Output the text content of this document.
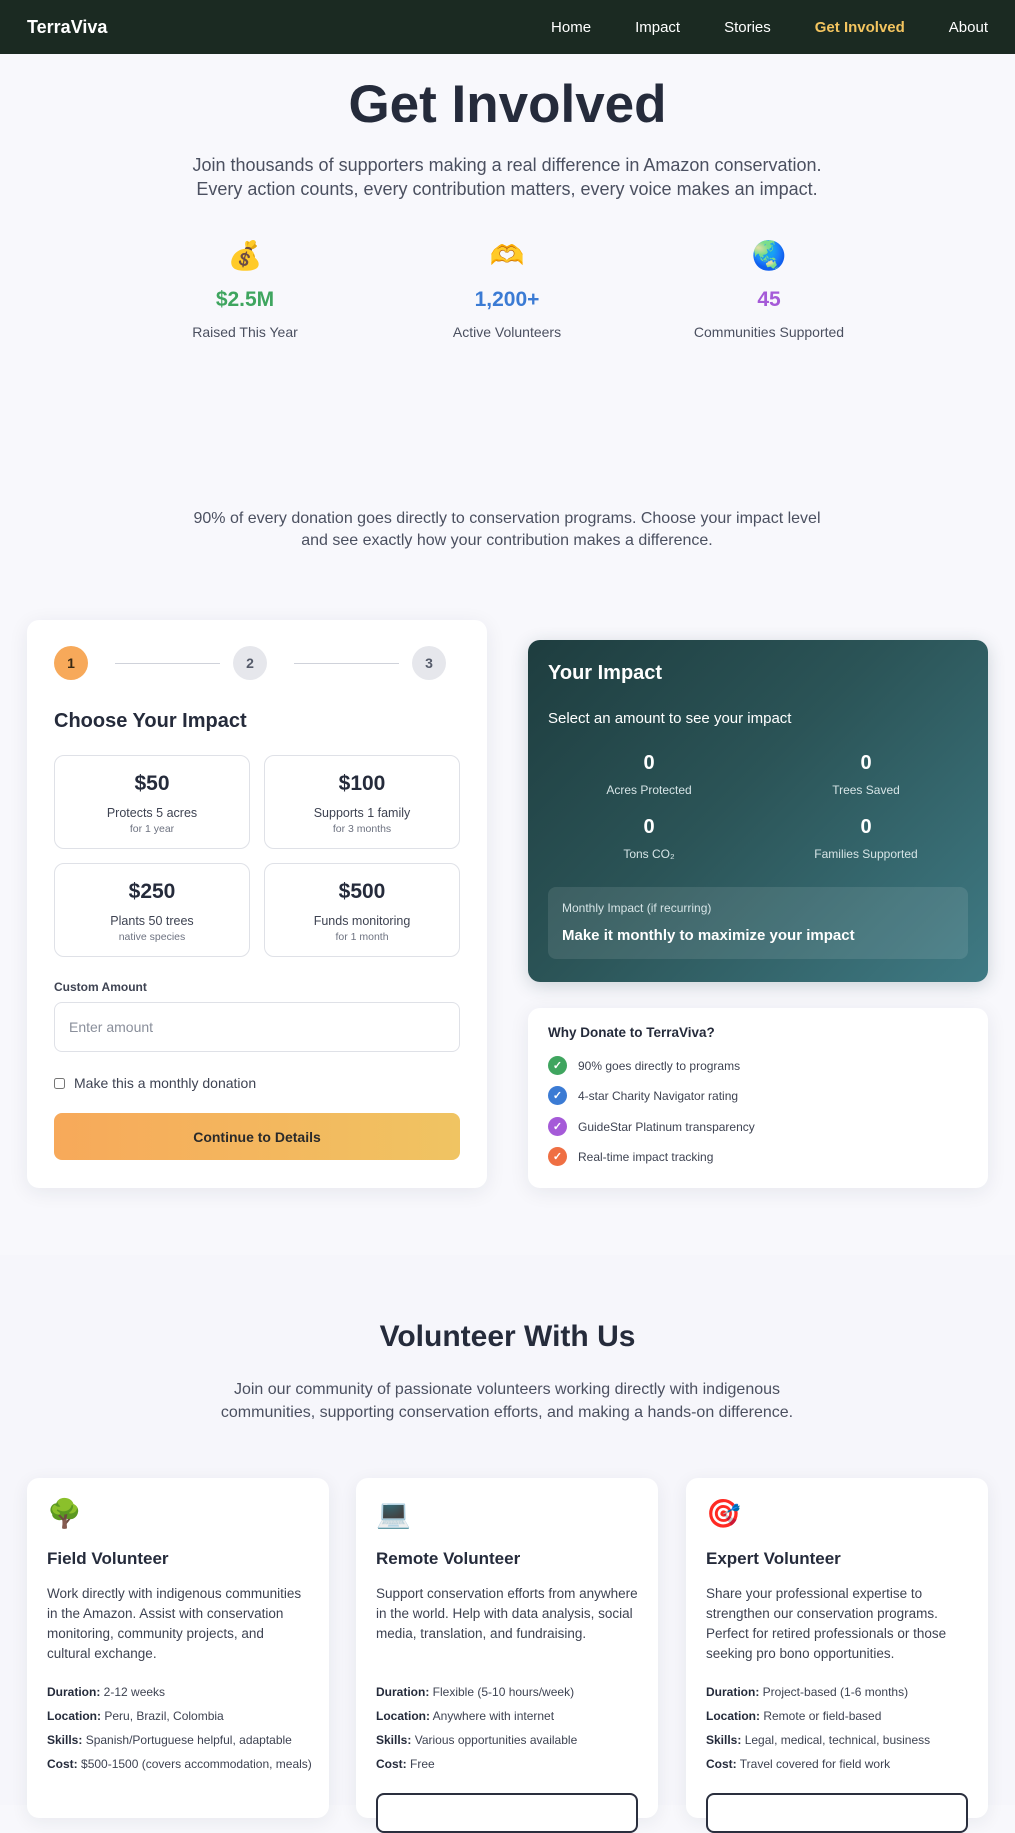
TerraViva	Home	Impact	Stories	Get Involved	About
Get Involved
Join thousands of supporters making a real difference in Amazon conservation.
Every action counts, every contribution matters, every voice makes an impact.
💰
$2.5M
Raised This Year
🫶
1,200+
Active Volunteers
🌏
45
Communities Supported
90% of every donation goes directly to conservation programs. Choose your impact level
and see exactly how your contribution makes a difference.
1	2	3
Choose Your Impact
$50
Protects 5 acres
for 1 year
$100
Supports 1 family
for 3 months
$250
Plants 50 trees
native species
$500
Funds monitoring
for 1 month
Custom Amount
Enter amount
Make this a monthly donation
Continue to Details
Your Impact
Select an amount to see your impact
0
Acres Protected
0
Trees Saved
0
Tons CO₂
0
Families Supported
Monthly Impact (if recurring)
Make it monthly to maximize your impact
Why Donate to TerraViva?
✓	90% goes directly to programs
✓	4-star Charity Navigator rating
✓	GuideStar Platinum transparency
✓	Real-time impact tracking
Volunteer With Us
Join our community of passionate volunteers working directly with indigenous
communities, supporting conservation efforts, and making a hands-on difference.
🌳
Field Volunteer
Work directly with indigenous communities in the Amazon. Assist with conservation monitoring, community projects, and cultural exchange.
Duration: 2-12 weeks
Location: Peru, Brazil, Colombia
Skills: Spanish/Portuguese helpful, adaptable
Cost: $500-1500 (covers accommodation, meals)
💻
Remote Volunteer
Support conservation efforts from anywhere in the world. Help with data analysis, social media, translation, and fundraising.
Duration: Flexible (5-10 hours/week)
Location: Anywhere with internet
Skills: Various opportunities available
Cost: Free
🎯
Expert Volunteer
Share your professional expertise to strengthen our conservation programs. Perfect for retired professionals or those seeking pro bono opportunities.
Duration: Project-based (1-6 months)
Location: Remote or field-based
Skills: Legal, medical, technical, business
Cost: Travel covered for field work
